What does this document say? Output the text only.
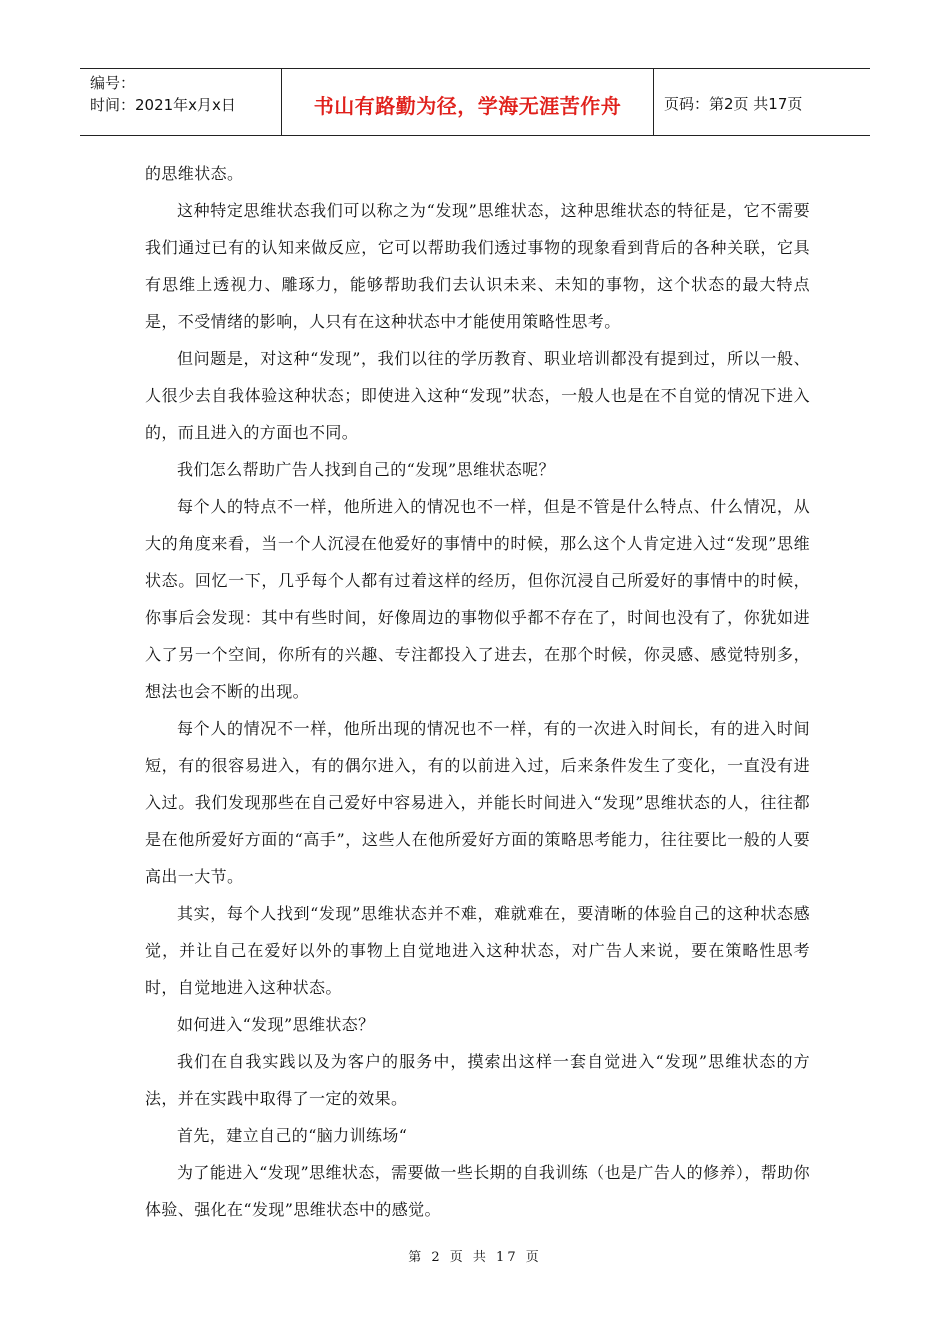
编号：
时间：2021年x月x日	书山有路勤为径，学海无涯苦作舟	页码：第2页 共17页

的思维状态。

这种特定思维状态我们可以称之为“发现”思维状态，这种思维状态的特征是，它不需要我们通过已有的认知来做反应，它可以帮助我们透过事物的现象看到背后的各种关联，它具有思维上透视力、雕琢力，能够帮助我们去认识未来、未知的事物，这个状态的最大特点是，不受情绪的影响，人只有在这种状态中才能使用策略性思考。

但问题是，对这种“发现”，我们以往的学历教育、职业培训都没有提到过，所以一般、人很少去自我体验这种状态；即使进入这种“发现”状态，一般人也是在不自觉的情况下进入的，而且进入的方面也不同。

我们怎么帮助广告人找到自己的“发现”思维状态呢？

每个人的特点不一样，他所进入的情况也不一样，但是不管是什么特点、什么情况，从大的角度来看，当一个人沉浸在他爱好的事情中的时候，那么这个人肯定进入过“发现”思维状态。回忆一下，几乎每个人都有过着这样的经历，但你沉浸自己所爱好的事情中的时候，你事后会发现：其中有些时间，好像周边的事物似乎都不存在了，时间也没有了，你犹如进入了另一个空间，你所有的兴趣、专注都投入了进去，在那个时候，你灵感、感觉特别多，想法也会不断的出现。

每个人的情况不一样，他所出现的情况也不一样，有的一次进入时间长，有的进入时间短，有的很容易进入，有的偶尔进入，有的以前进入过，后来条件发生了变化，一直没有进入过。我们发现那些在自己爱好中容易进入，并能长时间进入“发现”思维状态的人，往往都是在他所爱好方面的“高手”，这些人在他所爱好方面的策略思考能力，往往要比一般的人要高出一大节。

其实，每个人找到“发现”思维状态并不难，难就难在，要清晰的体验自己的这种状态感觉，并让自己在爱好以外的事物上自觉地进入这种状态，对广告人来说，要在策略性思考时，自觉地进入这种状态。

如何进入“发现”思维状态？

我们在自我实践以及为客户的服务中，摸索出这样一套自觉进入“发现”思维状态的方法，并在实践中取得了一定的效果。

首先，建立自己的“脑力训练场“

为了能进入“发现”思维状态，需要做一些长期的自我训练（也是广告人的修养），帮助你体验、强化在“发现”思维状态中的感觉。

第 2 页 共 17 页
